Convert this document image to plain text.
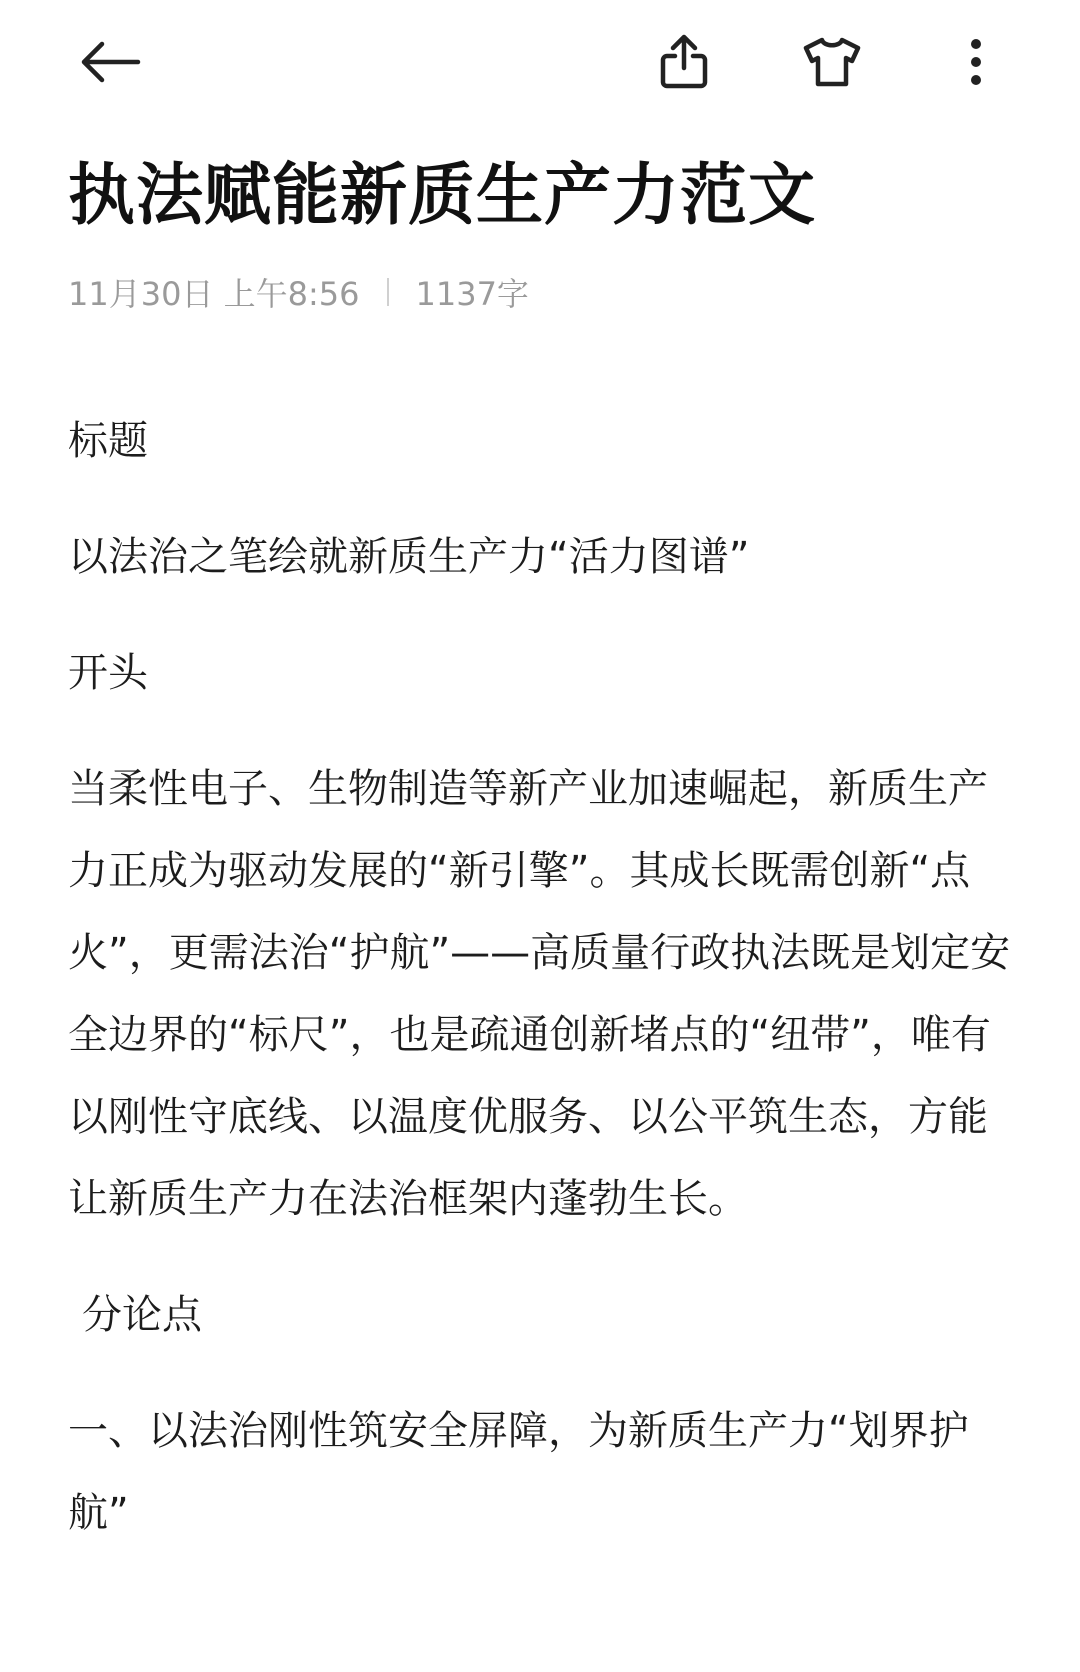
执法赋能新质生产力范文
11月30日 上午8:56 1137字

标题

以法治之笔绘就新质生产力“活力图谱”

开头

当柔性电子、生物制造等新产业加速崛起，新质生产力正成为驱动发展的“新引擎”。其成长既需创新“点火”，更需法治“护航”——高质量行政执法既是划定安全边界的“标尺”，也是疏通创新堵点的“纽带”，唯有以刚性守底线、以温度优服务、以公平筑生态，方能让新质生产力在法治框架内蓬勃生长。

分论点

一、以法治刚性筑安全屏障，为新质生产力“划界护航”
